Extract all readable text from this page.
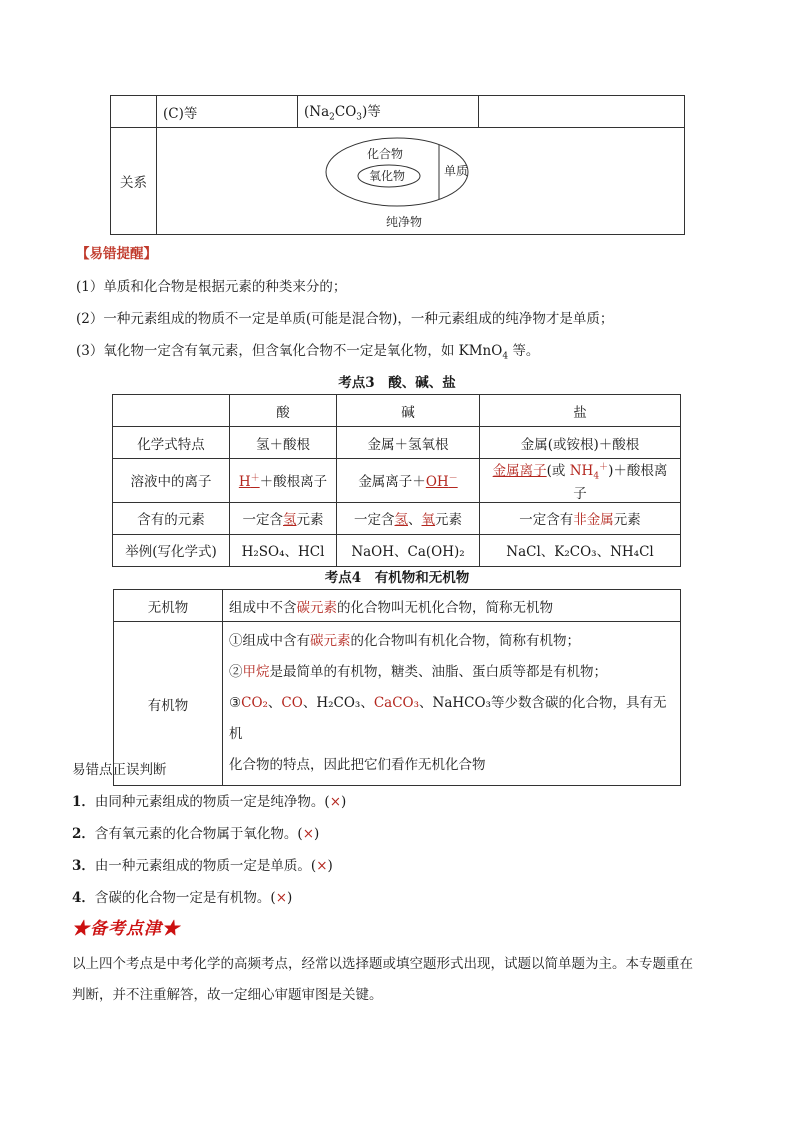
	(C)等	$(Na_2CO_3)$等	
关系	化合物
氧化物 单质
纯净物		
【易错提醒】
(1）单质和化合物是根据元素的种类来分的；
(2）一种元素组成的物质不一定是单质(可能是混合物)，一种元素组成的纯净物才是单质；
(3）氧化物一定含有氧元素，但含氧化合物不一定是氧化物，如 KMnO$_4$ 等。
考点3　酸、碱、盐
	酸	碱	盐
化学式特点	氢＋酸根	金属＋氢氧根	金属(或铵根)＋酸根
溶液中的离子	H＋＋酸根离子	金属离子＋OH－	金属离子(或 $NH_4^+)+$酸根离子
含有的元素	一定含氢元素	一定含氢、氧元素	一定含有非金属元素
举例(写化学式)	H₂SO₄、HCl	NaOH、Ca(OH)₂	NaCl、K₂CO₃、NH₄Cl
考点4　有机物和无机物
无机物	组成中不含碳元素的化合物叫无机化合物，简称无机物
有机物	①组成中含有碳元素的化合物叫有机化合物，简称有机物；
②甲烷是最简单的有机物，糖类、油脂、蛋白质等都是有机物；
③CO₂、CO、H₂CO₃、CaCO₃、NaHCO₃等少数含碳的化合物，具有无机
化合物的特点，因此把它们看作无机化合物
易错点正误判断
1．由同种元素组成的物质一定是纯净物。(×)
2．含有氧元素的化合物属于氧化物。(×)
3．由一种元素组成的物质一定是单质。(×)
4．含碳的化合物一定是有机物。(×)
★备考点津★
以上四个考点是中考化学的高频考点，经常以选择题或填空题形式出现，试题以简单题为主。本专题重在
判断，并不注重解答，故一定细心审题审图是关键。
